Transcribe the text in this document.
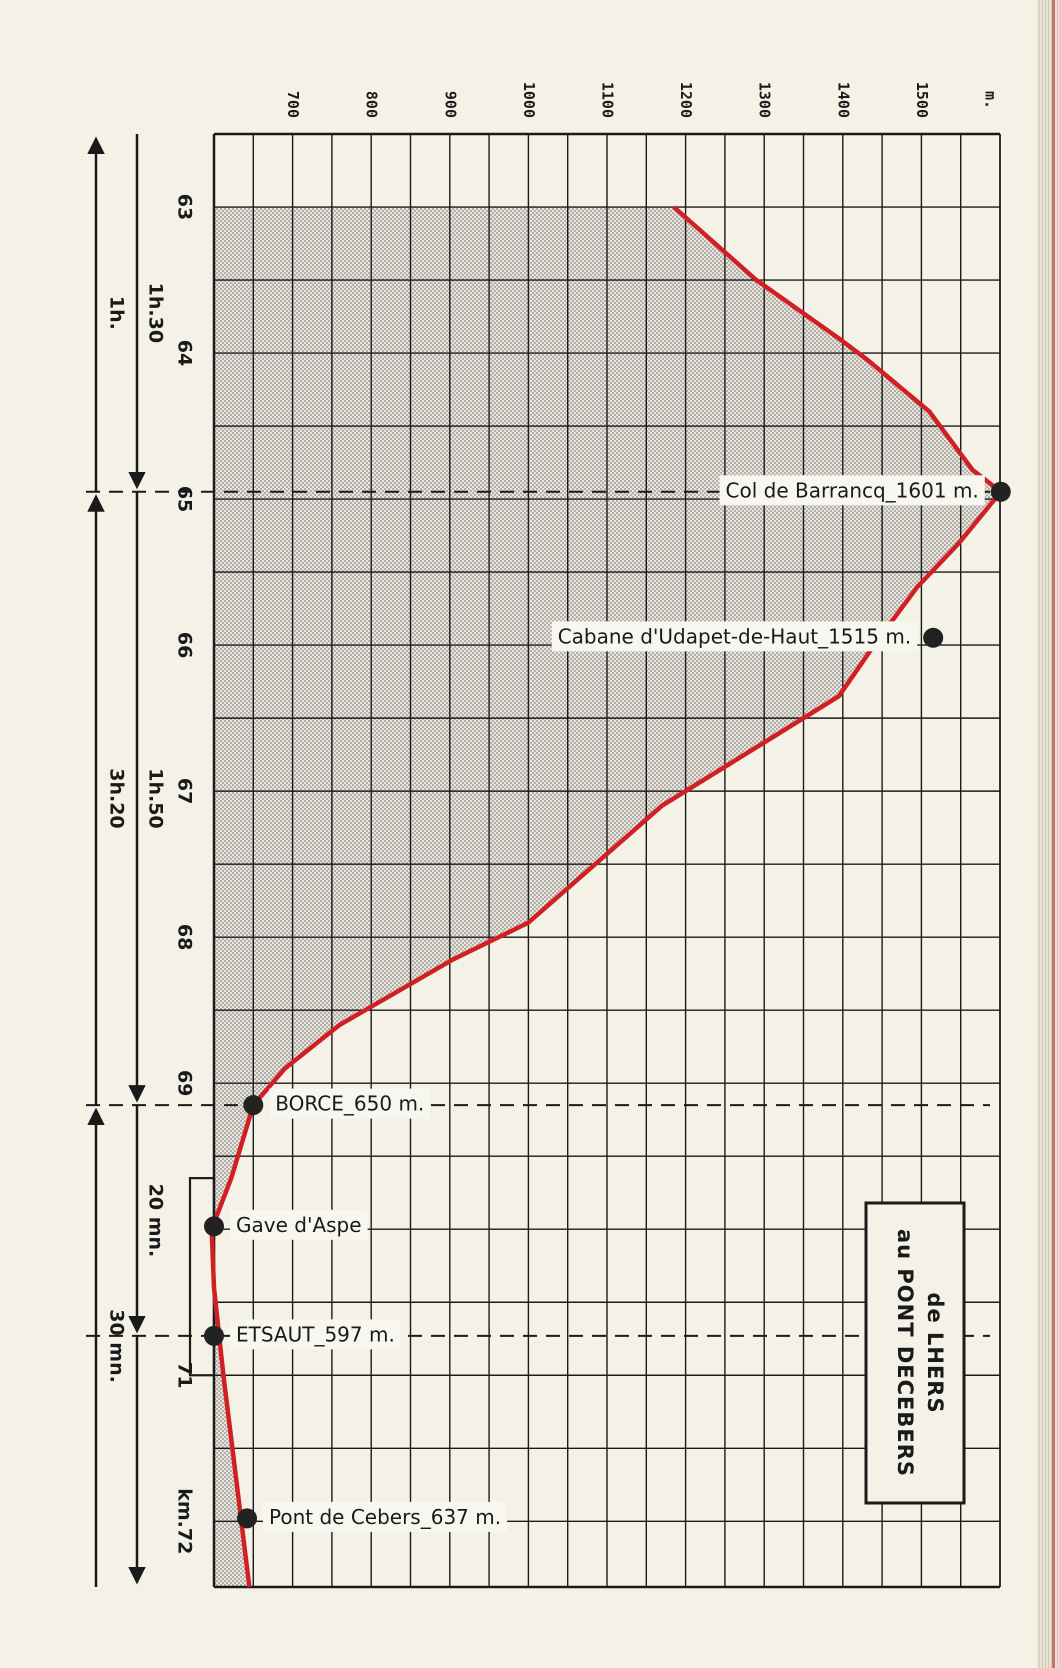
700	800	900	1000	1100	1200	1300	1400	1500	m.
63
64
65
66
67
68
69
71
km.72
1h.
3h.20
30 mn.
1h.30
1h.50
20 mn.
Col de Barrancq_1601 m.
Cabane d'Udapet-de-Haut_1515 m.
BORCE_650 m.
Gave d'Aspe
ETSAUT_597 m.
Pont de Cebers_637 m.
de LHERS
au PONT DECEBERS
